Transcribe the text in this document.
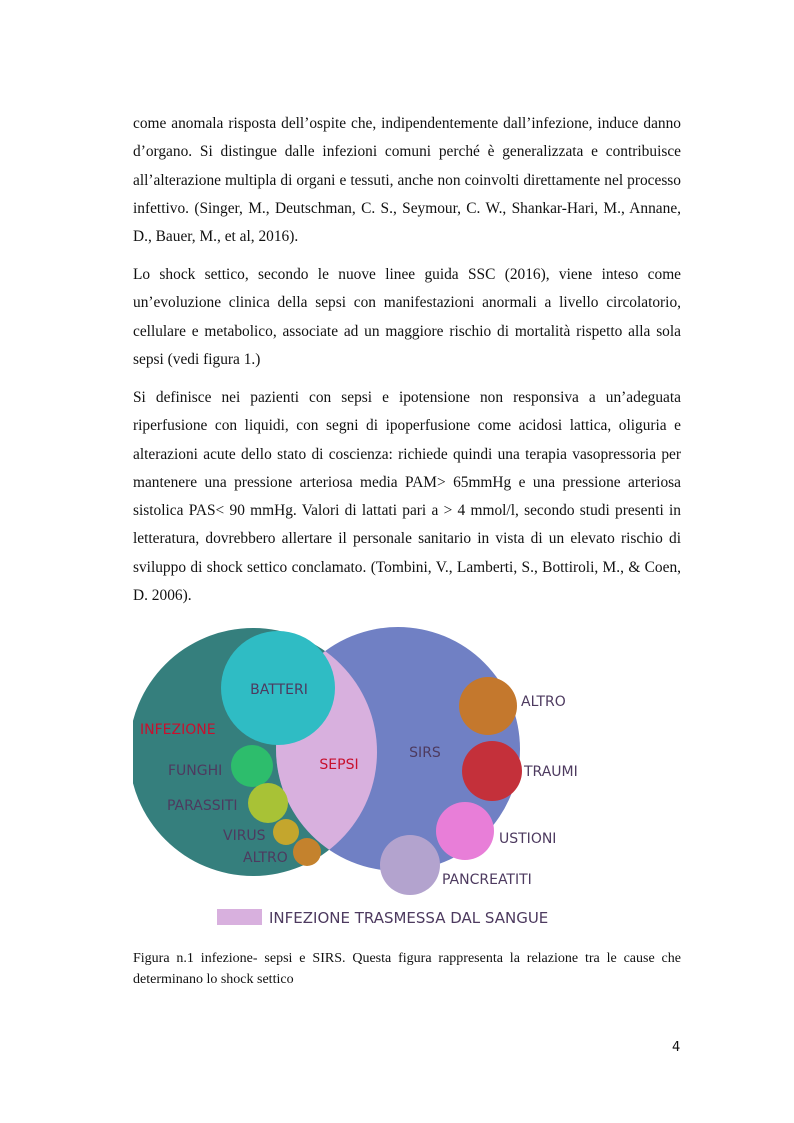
come anomala risposta dell’ospite che, indipendentemente dall’infezione, induce danno d’organo. Si distingue dalle infezioni comuni perché è generalizzata e contribuisce all’alterazione multipla di organi e tessuti, anche non coinvolti direttamente nel processo infettivo. (Singer, M., Deutschman, C. S., Seymour, C. W., Shankar-Hari, M., Annane, D., Bauer, M., et al, 2016).

Lo shock settico, secondo le nuove linee guida SSC (2016), viene inteso come un’evoluzione clinica della sepsi con manifestazioni anormali a livello circolatorio, cellulare e metabolico, associate ad un maggiore rischio di mortalità rispetto alla sola sepsi (vedi figura 1.)

Si definisce nei pazienti con sepsi e ipotensione non responsiva a un’adeguata riperfusione con liquidi, con segni di ipoperfusione come acidosi lattica, oliguria e alterazioni acute dello stato di coscienza: richiede quindi una terapia vasopressoria per mantenere una pressione arteriosa media PAM> 65mmHg e una pressione arteriosa sistolica PAS< 90 mmHg. Valori di lattati pari a > 4 mmol/l, secondo studi presenti in letteratura, dovrebbero allertare il personale sanitario in vista di un elevato rischio di sviluppo di shock settico conclamato. (Tombini, V., Lamberti, S., Bottiroli, M., & Coen, D. 2006).

BATTERI
INFEZIONE
SEPSI
SIRS
FUNGHI
PARASSITI
VIRUS
ALTRO
ALTRO
TRAUMI
USTIONI
PANCREATITI
INFEZIONE TRASMESSA DAL SANGUE
Figura n.1 infezione- sepsi e SIRS. Questa figura rappresenta la relazione tra le cause che determinano lo shock settico
4
